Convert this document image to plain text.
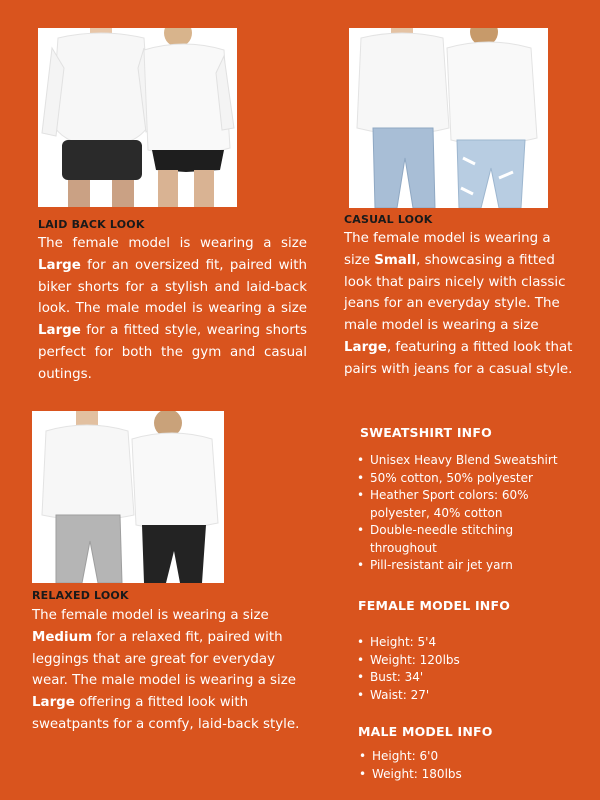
LAID BACK LOOK

The female model is wearing a size Large for an oversized fit, paired with biker shorts for a stylish and laid-back look. The male model is wearing a size Large for a fitted style, wearing shorts perfect for both the gym and casual outings.

CASUAL LOOK

The female model is wearing a size Small, showcasing a fitted look that pairs nicely with classic jeans for an everyday style. The male model is wearing a size Large, featuring a fitted look that pairs with jeans for a casual style.

RELAXED LOOK

The female model is wearing a size Medium for a relaxed fit, paired with leggings that are great for everyday wear. The male model is wearing a size Large offering a fitted look with sweatpants for a comfy, laid-back style.

SWEATSHIRT INFO
• Unisex Heavy Blend Sweatshirt
• 50% cotton, 50% polyester
• Heather Sport colors: 60% polyester, 40% cotton
• Double-needle stitching throughout
• Pill-resistant air jet yarn
FEMALE MODEL INFO
• Height: 5'4
• Weight: 120lbs
• Bust: 34'
• Waist: 27'
MALE MODEL INFO
• Height: 6'0
• Weight: 180lbs
